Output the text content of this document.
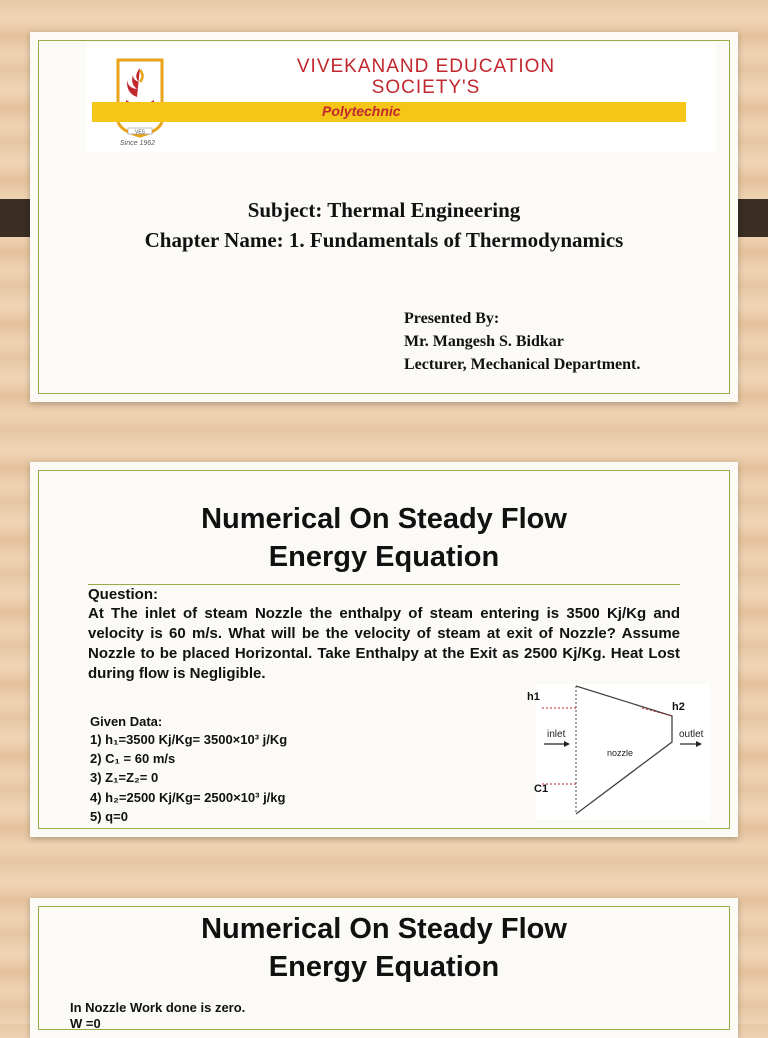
VES
VIVEKANAND EDUCATION
SOCIETY'S
Polytechnic
Since 1962
Subject: Thermal Engineering
Chapter Name: 1. Fundamentals of Thermodynamics
Presented By:
Mr. Mangesh S. Bidkar
Lecturer, Mechanical Department.
Numerical On Steady Flow
Energy Equation
Question:

At The inlet of steam Nozzle the enthalpy of steam entering is 3500 Kj/Kg and velocity is 60 m/s. What will be the velocity of steam at exit of Nozzle? Assume Nozzle to be placed Horizontal. Take Enthalpy at the Exit as 2500 Kj/Kg. Heat Lost during flow is Negligible.

Given Data:
1) h₁=3500 Kj/Kg= 3500×10³ j/Kg
2) C₁ = 60 m/s
3) Z₁=Z₂= 0
4) h₂=2500 Kj/Kg= 2500×10³ j/kg
5) q=0
h1
h2
C1
inlet	outlet
nozzle
Numerical On Steady Flow
Energy Equation
In Nozzle Work done is zero.
W =0
